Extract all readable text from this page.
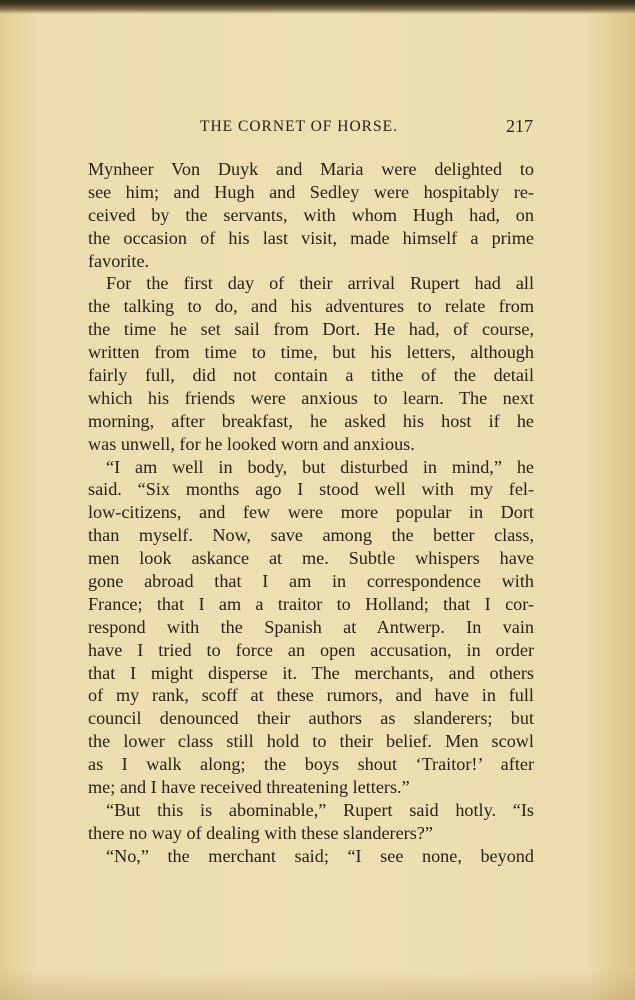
THE CORNET OF HORSE.	217
Mynheer Von Duyk and Maria were delighted to
see him; and Hugh and Sedley were hospitably re-
ceived by the servants, with whom Hugh had, on
the occasion of his last visit, made himself a prime
favorite.
For the first day of their arrival Rupert had all
the talking to do, and his adventures to relate from
the time he set sail from Dort. He had, of course,
written from time to time, but his letters, although
fairly full, did not contain a tithe of the detail
which his friends were anxious to learn. The next
morning, after breakfast, he asked his host if he
was unwell, for he looked worn and anxious.
“I am well in body, but disturbed in mind,” he
said. “Six months ago I stood well with my fel-
low-citizens, and few were more popular in Dort
than myself. Now, save among the better class,
men look askance at me. Subtle whispers have
gone abroad that I am in correspondence with
France; that I am a traitor to Holland; that I cor-
respond with the Spanish at Antwerp. In vain
have I tried to force an open accusation, in order
that I might disperse it. The merchants, and others
of my rank, scoff at these rumors, and have in full
council denounced their authors as slanderers; but
the lower class still hold to their belief. Men scowl
as I walk along; the boys shout ‘Traitor!’ after
me; and I have received threatening letters.”
“But this is abominable,” Rupert said hotly. “Is
there no way of dealing with these slanderers?”
“No,” the merchant said; “I see none, beyond
